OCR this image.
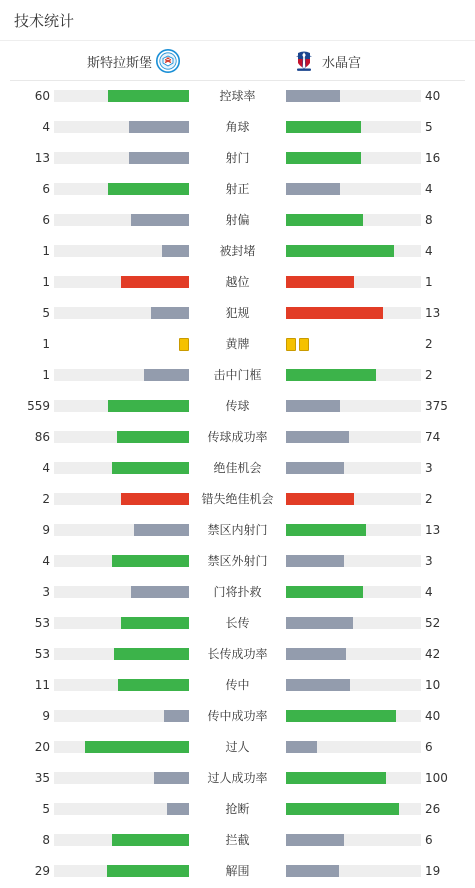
技术统计
斯特拉斯堡	水晶宫
60	控球率	40
4	角球	5
13	射门	16
6	射正	4
6	射偏	8
1	被封堵	4
1	越位	1
5	犯规	13
1	黄牌	2
1	击中门框	2
559	传球	375
86	传球成功率	74
4	绝佳机会	3
2	错失绝佳机会	2
9	禁区内射门	13
4	禁区外射门	3
3	门将扑救	4
53	长传	52
53	长传成功率	42
11	传中	10
9	传中成功率	40
20	过人	6
35	过人成功率	100
5	抢断	26
8	拦截	6
29	解围	19
